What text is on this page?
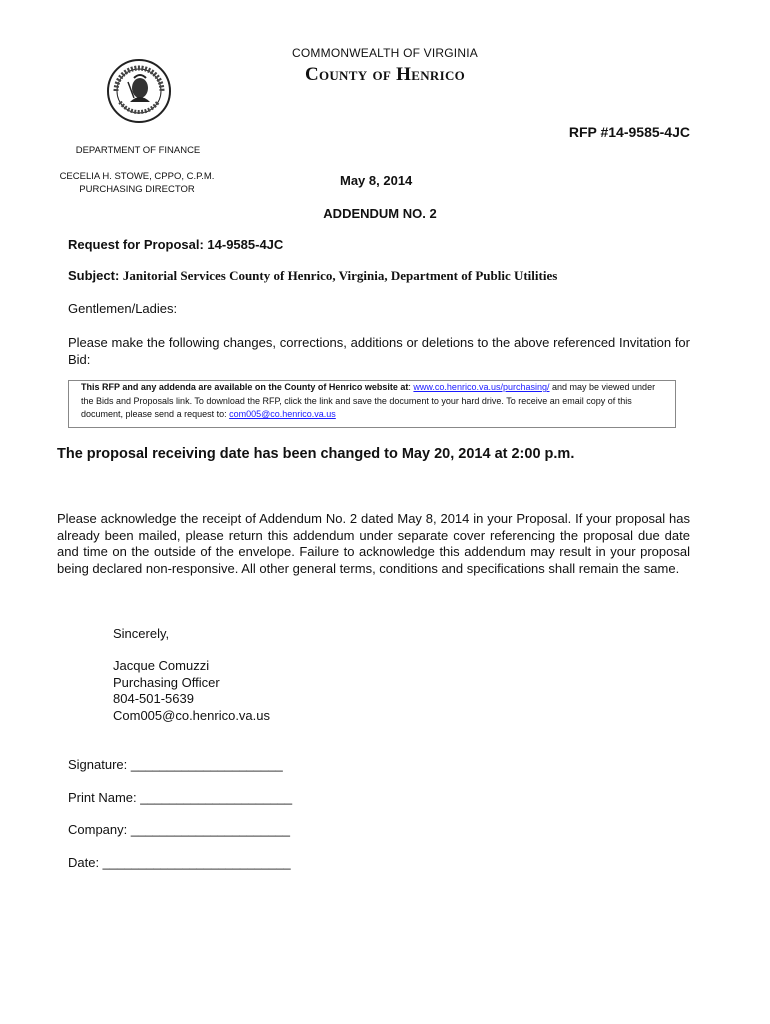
COMMONWEALTH OF VIRGINIA
County of Henrico
RFP #14-9585-4JC
DEPARTMENT OF FINANCE
CECELIA H. STOWE, CPPO, C.P.M.
PURCHASING DIRECTOR
May 8, 2014
ADDENDUM NO. 2
Request for Proposal: 14-9585-4JC
Subject: Janitorial Services County of Henrico, Virginia, Department of Public Utilities
Gentlemen/Ladies:
Please make the following changes, corrections, additions or deletions to the above referenced Invitation for Bid:
This RFP and any addenda are available on the County of Henrico website at: www.co.henrico.va.us/purchasing/ and may be viewed under the Bids and Proposals link. To download the RFP, click the link and save the document to your hard drive. To receive an email copy of this document, please send a request to: com005@co.henrico.va.us
The proposal receiving date has been changed to May 20, 2014 at 2:00 p.m.
Please acknowledge the receipt of Addendum No. 2 dated May 8, 2014 in your Proposal. If your proposal has already been mailed, please return this addendum under separate cover referencing the proposal due date and time on the outside of the envelope. Failure to acknowledge this addendum may result in your proposal being declared non-responsive. All other general terms, conditions and specifications shall remain the same.
Sincerely,
Jacque Comuzzi
Purchasing Officer
804-501-5639
Com005@co.henrico.va.us
Signature: _____________________
Print Name: _____________________
Company: ______________________
Date: __________________________
